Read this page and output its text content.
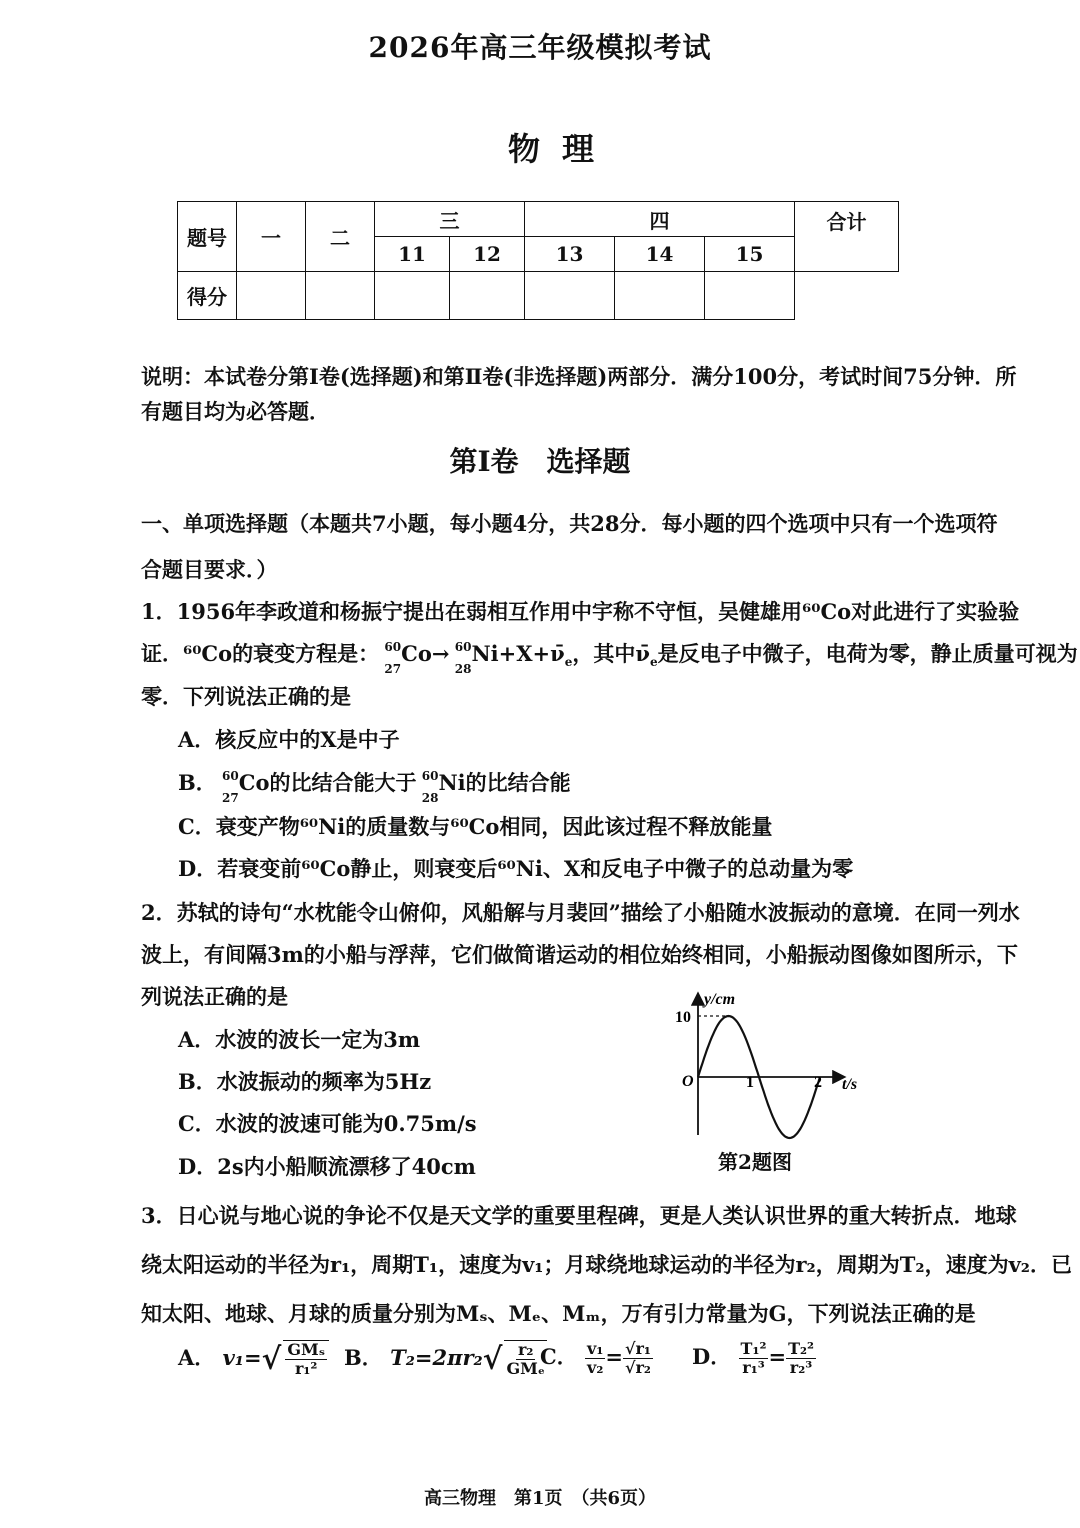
2026年高三年级模拟考试
物理
题号	一	二	三		四			合计
			11	12	13	14	15	
得分								
说明：本试卷分第Ⅰ卷(选择题)和第Ⅱ卷(非选择题)两部分．满分100分，考试时间75分钟．所
有题目均为必答题．
第Ⅰ卷　选择题
一、单项选择题（本题共7小题，每小题4分，共28分．每小题的四个选项中只有一个选项符
合题目要求．）
1．1956年李政道和杨振宁提出在弱相互作用中宇称不守恒，吴健雄用⁶⁰Co对此进行了实验验
证．⁶⁰Co的衰变方程是： 60
27
Co→ 60
28
$Ni+X+\nū_e$，其中$\nū_e$是反电子中微子，电荷为零，静止质量可视为
零．下列说法正确的是
A．核反应中的X是中子
B． 60
27
Co的比结合能大于 60
28
Ni的比结合能
C．衰变产物⁶⁰Ni的质量数与⁶⁰Co相同，因此该过程不释放能量
D．若衰变前⁶⁰Co静止，则衰变后⁶⁰Ni、X和反电子中微子的总动量为零
2．苏轼的诗句“水枕能令山俯仰，风船解与月裴回”描绘了小船随水波振动的意境．在同一列水
波上，有间隔3m的小船与浮萍，它们做简谐运动的相位始终相同，小船振动图像如图所示，下
列说法正确的是
A．水波的波长一定为3m
B．水波振动的频率为5Hz
C．水波的波速可能为0.75m/s
D．2s内小船顺流漂移了40cm
y/cm
t/s
O
10
1	2
第2题图
3．日心说与地心说的争论不仅是天文学的重要里程碑，更是人类认识世界的重大转折点．地球
绕太阳运动的半径为r₁，周期T₁，速度为v₁；月球绕地球运动的半径为r₂，周期为T₂，速度为v₂．已
知太阳、地球、月球的质量分别为Mₛ、Mₑ、Mₘ，万有引力常量为G，下列说法正确的是
A． $v_1=√ \frac{\text{GMₛ}}{\text{r₁²}}$ B． $T_2=2\pi r_2√ \frac{\text{r₂}}{\text{GMₑ}}$
C． $\frac{\text{v₁}}{\text{v₂}} = \frac{\text{√r₁}}{\text{√r₂}}$ D． $\frac{\text{T₁²}}{\text{r₁³}} = \frac{\text{T₂²}}{\text{r₂³}}$
高三物理　第1页　（共6页）
